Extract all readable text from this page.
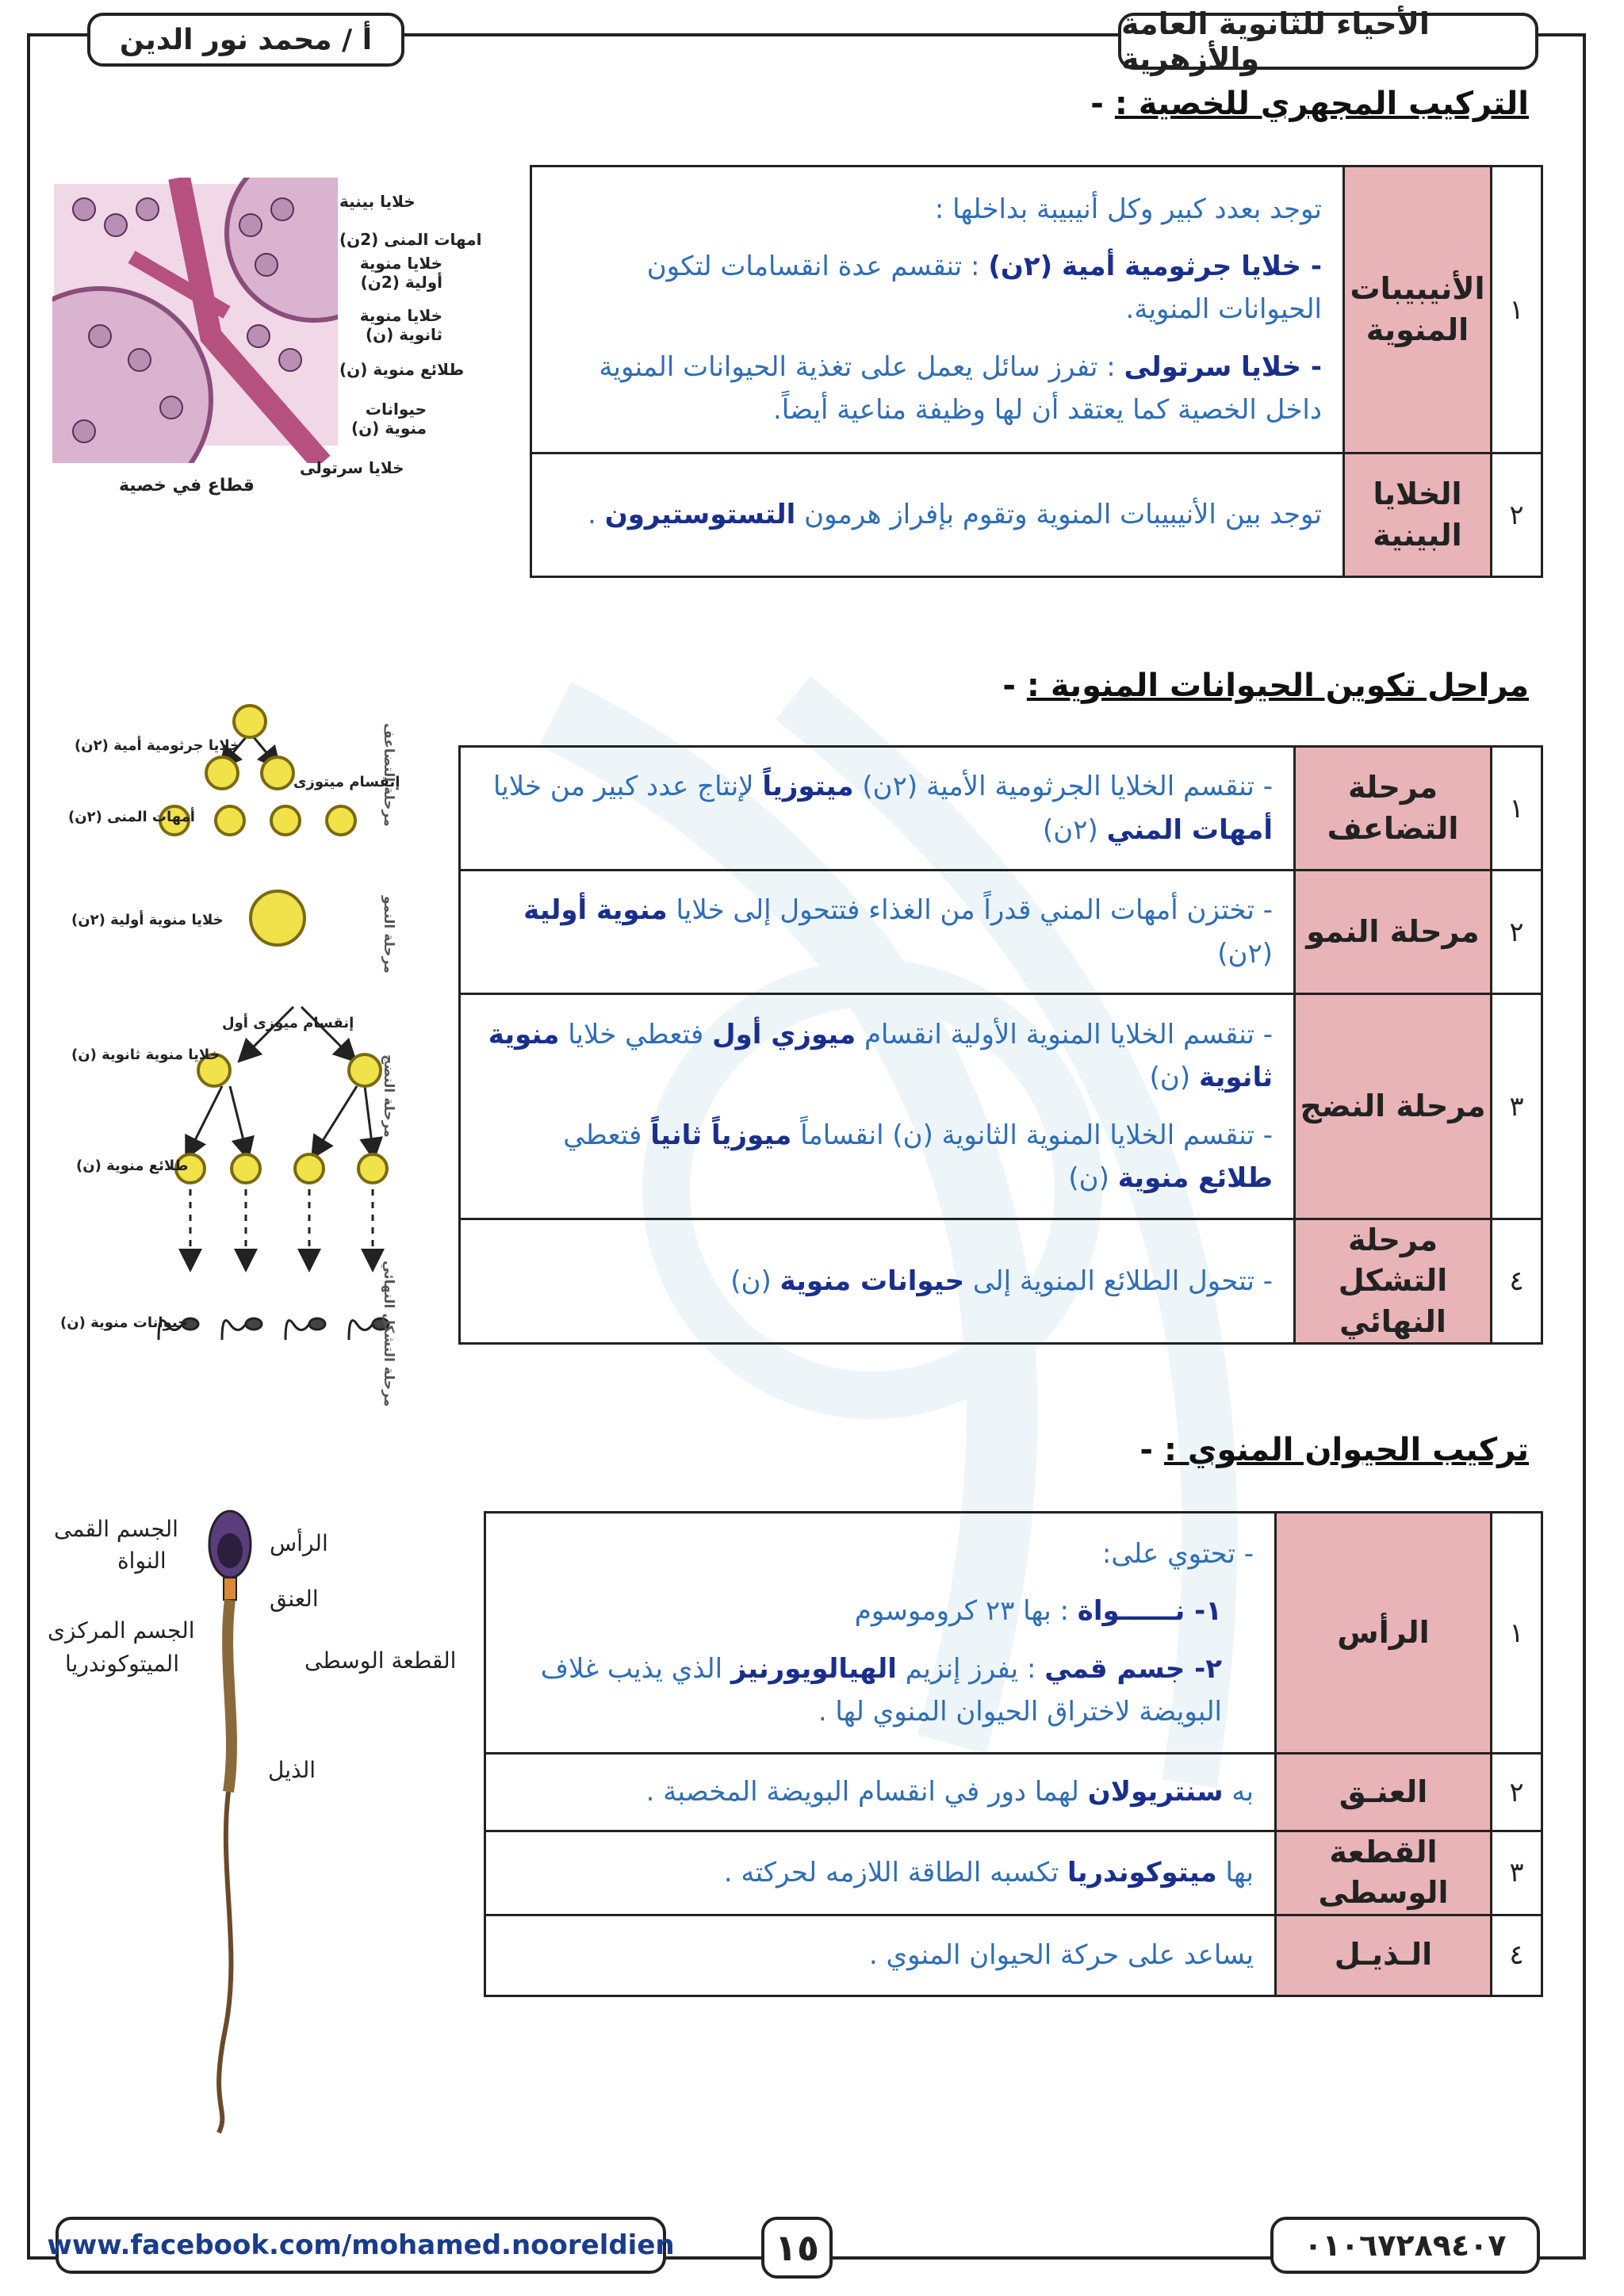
الأحياء للثانوية العامة والأزهرية
أ / محمد نور الدين
التركيب المجهري للخصية : -
١	الأنيبيبات المنوية	توجد بعدد كبير وكل أنيبيبة بداخلها :
- خلايا جرثومية أمية (٢ن) : تنقسم عدة انقسامات لتكون الحيوانات المنوية.
- خلايا سرتولى : تفرز سائل يعمل على تغذية الحيوانات المنوية داخل الخصية كما يعتقد أن لها وظيفة مناعية أيضاً.

٢	الخلايا البينية	توجد بين الأنيبيبات المنوية وتقوم بإفراز هرمون التستوستيرون .
خلايا بينية
امهات المنى (2ن)
خلايا منوية أولية (2ن)
خلايا منوية ثانوية (ن)
طلائع منوية (ن)
حيوانات منوية (ن)
خلايا سرتولى
قطاع في خصية
مراحل تكوين الحيوانات المنوية : -
١	مرحلة التضاعف	- تنقسم الخلايا الجرثومية الأمية (٢ن) ميتوزياً لإنتاج عدد كبير من خلايا أمهات المني (٢ن)
٢	مرحلة النمو	- تختزن أمهات المني قدراً من الغذاء فتتحول إلى خلايا منوية أولية (٢ن)
٣	مرحلة النضج	- تنقسم الخلايا المنوية الأولية انقسام ميوزي أول فتعطي خلايا منوية ثانوية (ن)
- تنقسم الخلايا المنوية الثانوية (ن) انقساماً ميوزياً ثانياً فتعطي طلائع منوية (ن)

٤	مرحلة التشكل النهائي	- تتحول الطلائع المنوية إلى حيوانات منوية (ن)
خلايا جرثومية أمية (٢ن)
إنقسام ميتوزى
أمهات المنى (٢ن)
خلايا منوية أولية (٢ن)
إنقسام ميوزى أول
خلايا منوية ثانوية (ن)
طلائع منوية (ن)
حيوانات منوية (ن)
مرحلة التضاعف
مرحلة النمو
مرحلة النضج
مرحلة التشكل النهائي
تركيب الحيوان المنوي : -
١	الرأس	- تحتوي على:
١- نــــــواة : بها ٢٣ كروموسوم
٢- جسم قمي : يفرز إنزيم الهيالويورنيز الذي يذيب غلاف البويضة لاختراق الحيوان المنوي لها .

٢	العنـق	به سنتريولان لهما دور في انقسام البويضة المخصبة .
٣	القطعة الوسطى	بها ميتوكوندريا تكسبه الطاقة اللازمه لحركته .
٤	الـذيـل	يساعد على حركة الحيوان المنوي .
الجسم القمى
النواة
الجسم المركزى
الميتوكوندريا
الرأس
العنق
القطعة الوسطى
الذيل
www.facebook.com/mohamed.nooreldien	١٥	٠١٠٦٧٢٨٩٤٠٧
